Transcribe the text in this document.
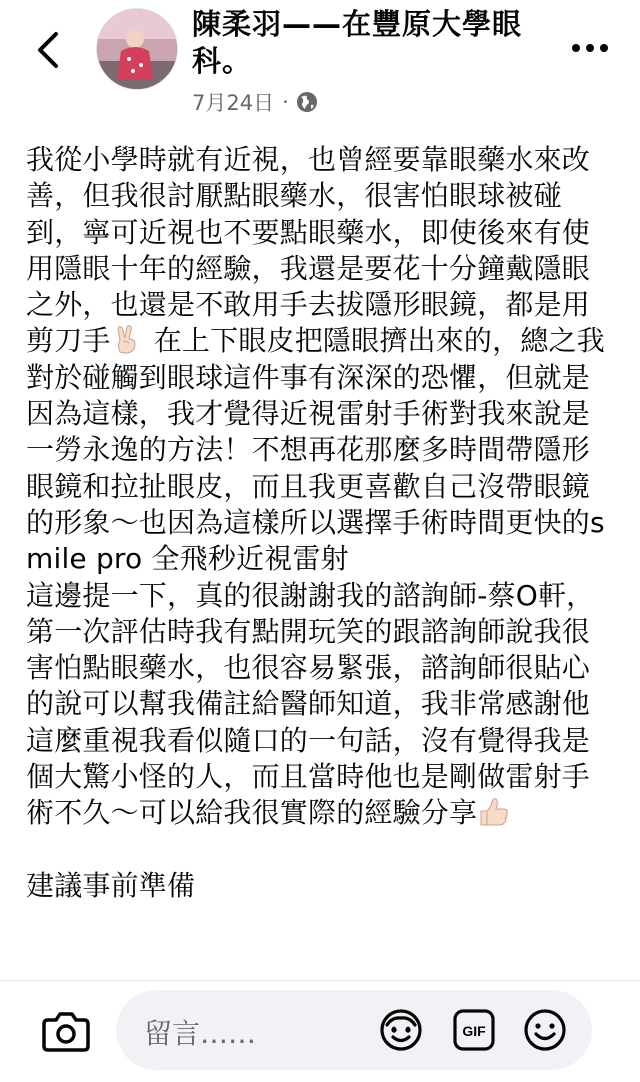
陳柔羽——在豐原大學眼科。
7月24日 ·
我從小學時就有近視，也曾經要靠眼藥水來改善，但我很討厭點眼藥水，很害怕眼球被碰到，寧可近視也不要點眼藥水，即使後來有使用隱眼十年的經驗，我還是要花十分鐘戴隱眼之外，也還是不敢用手去拔隱形眼鏡，都是用剪刀手 在上下眼皮把隱眼擠出來的，總之我對於碰觸到眼球這件事有深深的恐懼，但就是因為這樣，我才覺得近視雷射手術對我來說是一勞永逸的方法！不想再花那麼多時間帶隱形眼鏡和拉扯眼皮，而且我更喜歡自己沒帶眼鏡的形象～也因為這樣所以選擇手術時間更快的smile pro 全飛秒近視雷射
這邊提一下，真的很謝謝我的諮詢師-蔡O軒，第一次評估時我有點開玩笑的跟諮詢師說我很害怕點眼藥水，也很容易緊張，諮詢師很貼心的說可以幫我備註給醫師知道，我非常感謝他這麼重視我看似隨口的一句話，沒有覺得我是個大驚小怪的人，而且當時他也是剛做雷射手術不久～可以給我很實際的經驗分享

建議事前準備
留言……	GIF
